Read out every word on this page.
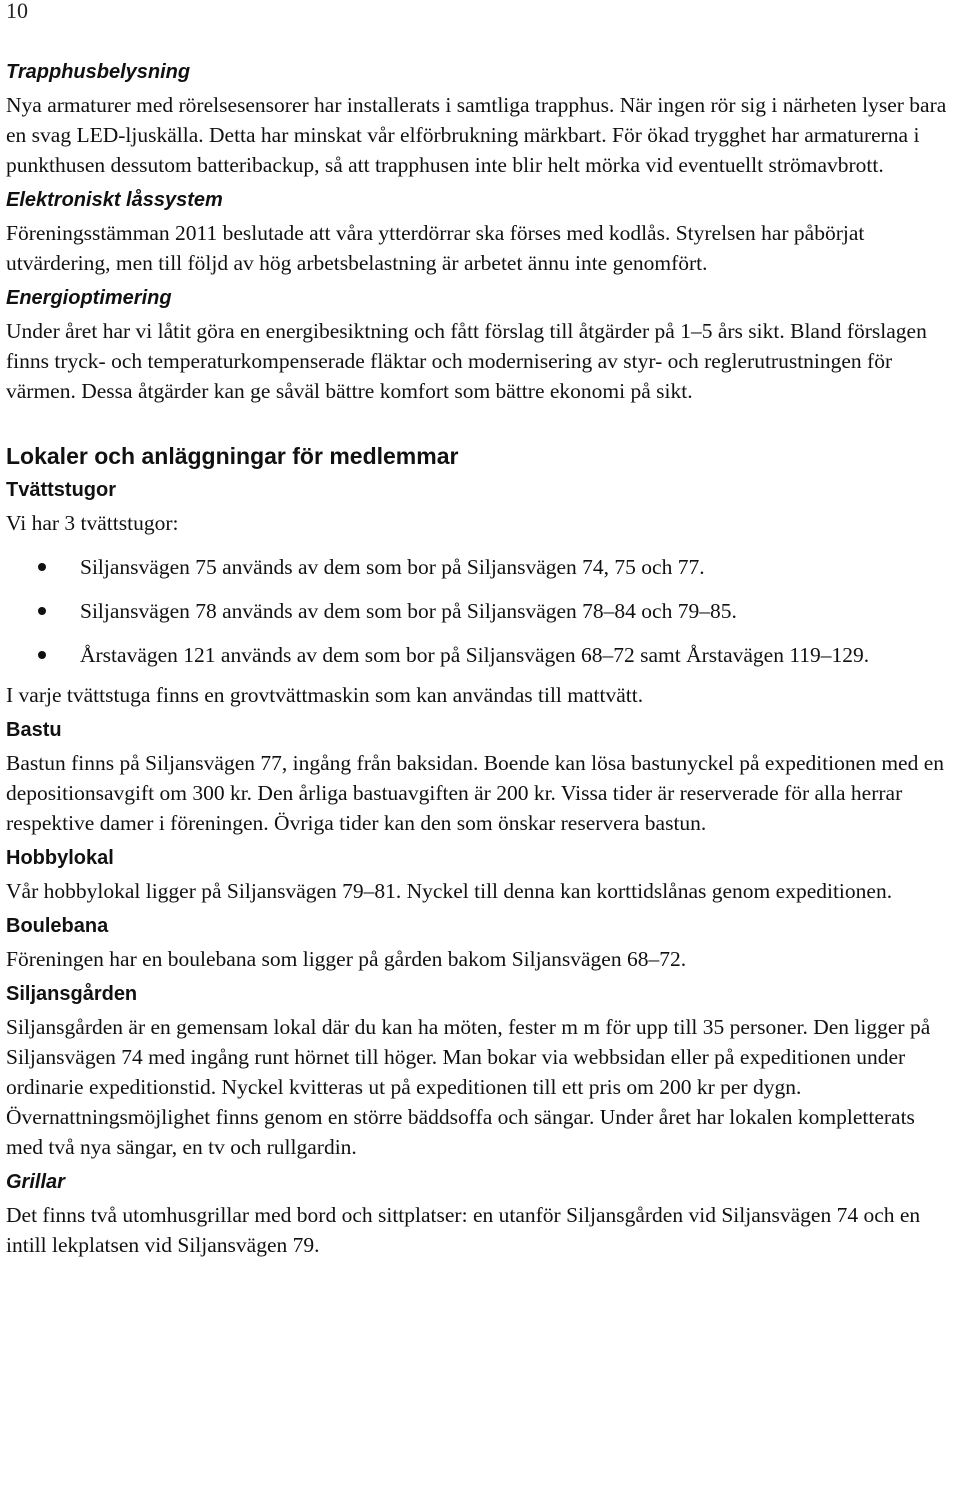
10
Trapphusbelysning

Nya armaturer med rörelsesensorer har installerats i samtliga trapphus. När ingen rör sig i närheten lyser bara en svag LED-ljuskälla. Detta har minskat vår elförbrukning märkbart. För ökad trygghet har armaturerna i punkthusen dessutom batteribackup, så att trapphusen inte blir helt mörka vid eventuellt strömavbrott.

Elektroniskt låssystem

Föreningsstämman 2011 beslutade att våra ytterdörrar ska förses med kodlås. Styrelsen har påbörjat utvärdering, men till följd av hög arbetsbelastning är arbetet ännu inte genomfört.

Energioptimering

Under året har vi låtit göra en energibesiktning och fått förslag till åtgärder på 1–5 års sikt. Bland förslagen finns tryck- och temperaturkompenserade fläktar och modernisering av styr- och reglerutrustningen för värmen. Dessa åtgärder kan ge såväl bättre komfort som bättre ekonomi på sikt.

Lokaler och anläggningar för medlemmar
Tvättstugor

Vi har 3 tvättstugor:

Siljansvägen 75 används av dem som bor på Siljansvägen 74, 75 och 77.
Siljansvägen 78 används av dem som bor på Siljansvägen 78–84 och 79–85.
Årstavägen 121 används av dem som bor på Siljansvägen 68–72 samt Årstavägen 119–129.

I varje tvättstuga finns en grovtvättmaskin som kan användas till mattvätt.

Bastu

Bastun finns på Siljansvägen 77, ingång från baksidan. Boende kan lösa bastunyckel på expeditionen med en depositionsavgift om 300 kr. Den årliga bastuavgiften är 200 kr. Vissa tider är reserverade för alla herrar respektive damer i föreningen. Övriga tider kan den som önskar reservera bastun.

Hobbylokal

Vår hobbylokal ligger på Siljansvägen 79–81. Nyckel till denna kan korttidslånas genom expeditionen.

Boulebana

Föreningen har en boulebana som ligger på gården bakom Siljansvägen 68–72.

Siljansgården

Siljansgården är en gemensam lokal där du kan ha möten, fester m m för upp till 35 personer. Den ligger på Siljansvägen 74 med ingång runt hörnet till höger. Man bokar via webbsidan eller på expeditionen under ordinarie expeditionstid. Nyckel kvitteras ut på expeditionen till ett pris om 200 kr per dygn. Övernattningsmöjlighet finns genom en större bäddsoffa och sängar. Under året har lokalen kompletterats med två nya sängar, en tv och rullgardin.

Grillar

Det finns två utomhusgrillar med bord och sittplatser: en utanför Siljansgården vid Siljansvägen 74 och en intill lekplatsen vid Siljansvägen 79.
